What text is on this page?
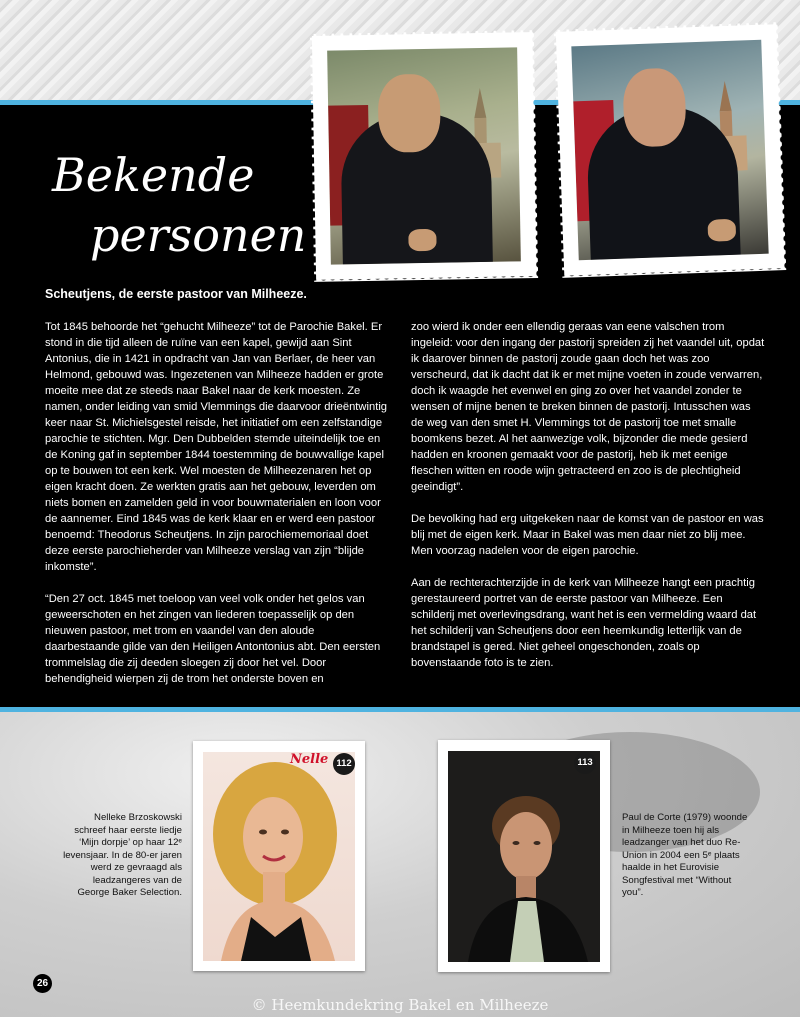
Bekende
personen
Scheutjens, de eerste pastoor van Milheeze.

Tot 1845 behoorde het “gehucht Milheeze” tot de Parochie Bakel. Er stond in die tijd alleen de ruïne van een kapel, gewijd aan Sint Antonius, die in 1421 in opdracht van Jan van Berlaer, de heer van Helmond, gebouwd was. Ingezetenen van Milheeze hadden er grote moeite mee dat ze steeds naar Bakel naar de kerk moesten. Ze namen, onder leiding van smid Vlemmings die daarvoor drieëntwintig keer naar St. Michielsgestel reisde, het initiatief om een zelfstandige parochie te stichten. Mgr. Den Dubbelden stemde uiteindelijk toe en de Koning gaf in september 1844 toestemming de bouwvallige kapel op te bouwen tot een kerk. Wel moesten de Milheezenaren het op eigen kracht doen. Ze werkten gratis aan het gebouw, leverden om niets bomen en zamelden geld in voor bouwmaterialen en loon voor de aannemer. Eind 1845 was de kerk klaar en er werd een pastoor benoemd: Theodorus Scheutjens. In zijn parochiememoriaal doet deze eerste parochieherder van Milheeze verslag van zijn “blijde inkomste”.

“Den 27 oct. 1845 met toeloop van veel volk onder het gelos van geweerschoten en het zingen van liederen toepasselijk op den nieuwen pastoor, met trom en vaandel van den aloude daarbestaande gilde van den Heiligen Antontonius abt. Den eersten trommelslag die zij deeden sloegen zij door het vel. Door behendigheid wierpen zij de trom het onderste boven en

zoo wierd ik onder een ellendig geraas van eene valschen trom ingeleid: voor den ingang der pastorij spreiden zij het vaandel uit, opdat ik daarover binnen de pastorij zoude gaan doch het was zoo verscheurd, dat ik dacht dat ik er met mijne voeten in zoude verwarren, doch ik waagde het evenwel en ging zo over het vaandel zonder te wensen of mijne benen te breken binnen de pastorij. Intusschen was de weg van den smet H. Vlemmings tot de pastorij toe met smalle boomkens bezet. Al het aanwezige volk, bijzonder die mede gesierd hadden en kroonen gemaakt voor de pastorij, heb ik met eenige fleschen witten en roode wijn getracteerd en zoo is de plechtigheid geeindigt”.

De bevolking had erg uitgekeken naar de komst van de pastoor en was blij met de eigen kerk. Maar in Bakel was men daar niet zo blij mee. Men voorzag nadelen voor de eigen parochie.

Aan de rechterachterzijde in de kerk van Milheeze hangt een prachtig gerestaureerd portret van de eerste pastoor van Milheeze. Een schilderij met overlevingsdrang, want het is een vermelding waard dat het schilderij van Scheutjens door een heemkundig letterlijk van de brandstapel is gered. Niet geheel ongeschonden, zoals op bovenstaande foto is te zien.

Nelle 112
Nelleke Brzoskowski schreef haar eerste liedje ‘Mijn dorpje’ op haar 12ᵉ levensjaar. In de 80-er jaren werd ze gevraagd als leadzangeres van de George Baker Selection.
113
Paul de Corte (1979) woonde in Milheeze toen hij als leadzanger van het duo Re-Union in 2004 een 5ᵉ plaats haalde in het Eurovisie Songfestival met “Without you”.
26
© Heemkundekring Bakel en Milheeze
